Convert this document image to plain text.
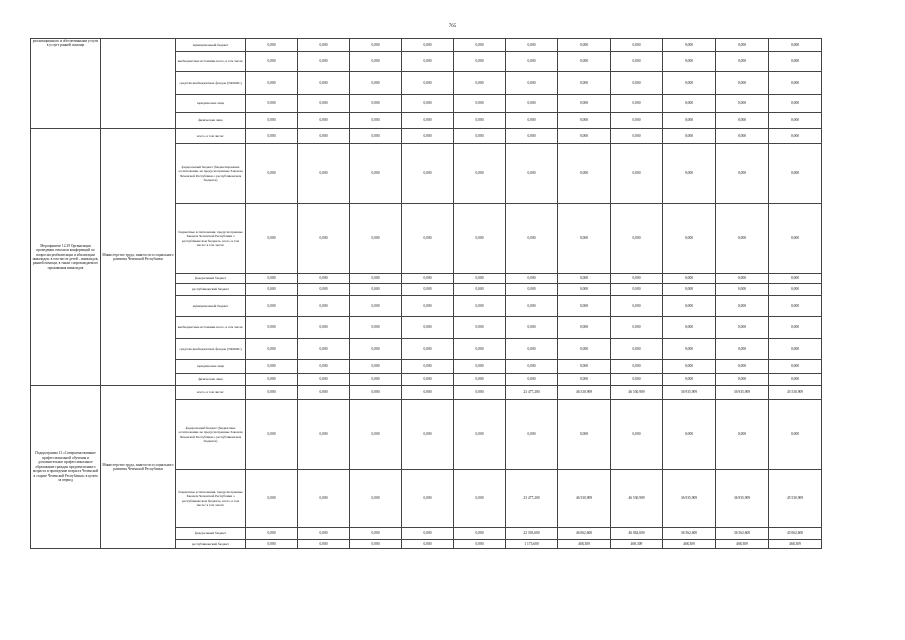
765
реализационного и обеспеченными услуги в услуге ранней помощи		муниципальный бюджет	0,000	0,000	0,000	0,000	0,000	0,000	0,000	0,000	0,000	0,000	0,000
		внебюджетные источники всего, в том числе:	0,000	0,000	0,000	0,000	0,000	0,000	0,000	0,000	0,000	0,000	0,000
		средства внебюджетных фондов (ТФОМС)	0,000	0,000	0,000	0,000	0,000	0,000	0,000	0,000	0,000	0,000	0,000
		юридические лица	0,000	0,000	0,000	0,000	0,000	0,000	0,000	0,000	0,000	0,000	0,000
		физические лица	0,000	0,000	0,000	0,000	0,000	0,000	0,000	0,000	0,000	0,000	0,000
Мероприятие 12.29 Организация проведения откоснои конференций по вопросам реабилитации и абилитации инвалидов, в том числе детей – инвалидов, ранней помощи, в также сопровождаемого проживания инвалидов	Министерство труда, занятости и социального развития Чеченской Республики	всего, в том числе:	0,000	0,000	0,000	0,000	0,000	0,000	0,000	0,000	0,000	0,000	0,000
		федеральный бюджет (бюджетирование ассигнования, не предусмотренные Законом Чеченской Республики о республиканском бюджете)	0,000	0,000	0,000	0,000	0,000	0,000	0,000	0,000	0,000	0,000	0,000
		бюджетные ассигнования, предусмотренные Законом Чеченской Республики о республиканском бюджете, всего, в том числе: в том числе:	0,000	0,000	0,000	0,000	0,000	0,000	0,000	0,000	0,000	0,000	0,000
		федеральный бюджет	0,000	0,000	0,000	0,000	0,000	0,000	0,000	0,000	0,000	0,000	0,000
		республиканский бюджет	0,000	0,000	0,000	0,000	0,000	0,000	0,000	0,000	0,000	0,000	0,000
		муниципальный бюджет	0,000	0,000	0,000	0,000	0,000	0,000	0,000	0,000	0,000	0,000	0,000
		внебюджетные источники всего, в том числе:	0,000	0,000	0,000	0,000	0,000	0,000	0,000	0,000	0,000	0,000	0,000
		средства внебюджетных фондов (ТФОМС)	0,000	0,000	0,000	0,000	0,000	0,000	0,000	0,000	0,000	0,000	0,000
		юридические лица	0,000	0,000	0,000	0,000	0,000	0,000	0,000	0,000	0,000	0,000	0,000
		физические лица	0,000	0,000	0,000	0,000	0,000	0,000	0,000	0,000	0,000	0,000	0,000
Подпрограмма 13 «Совершенствование профессиональной обучения и дополнительное профессиональное образование граждан предпенсионного возраста и проведение возраста Чеченской в старше Чеченской Республики» в целом за период	Министерство труда, занятости и социального развития Чеченской Республики	всего, в том числе:	0,000	0,000	0,000	0,000	0,000	23 477,200	46 530,909	46 530,909	36 935,909	36 935,909	45 530,909
		федеральный бюджет (бюджетные ассигнования, не предусмотренные Законом Чеченской Республики о республиканском бюджете)	0,000	0,000	0,000	0,000	0,000	0,000	0,000	0,000	0,000	0,000	0,000
		бюджетные ассигнования, предусмотренные Законом Чеченской Республики о республиканском бюджете, всего, в том числе: в том числе:	0,000	0,000	0,000	0,000	0,000	23 477,200	46 530,909	46 530,909	36 935,909	36 935,909	45 530,909
		федеральный бюджет	0,000	0,000	0,000	0,000	0,000	22 303,600	46 062,600	46 062,600	36 562,600	36 562,600	45 062,600
		республиканский бюджет	0,000	0,000	0,000	0,000	0,000	1 173,600	468,309	468,309	468,309	468,309	468,309
